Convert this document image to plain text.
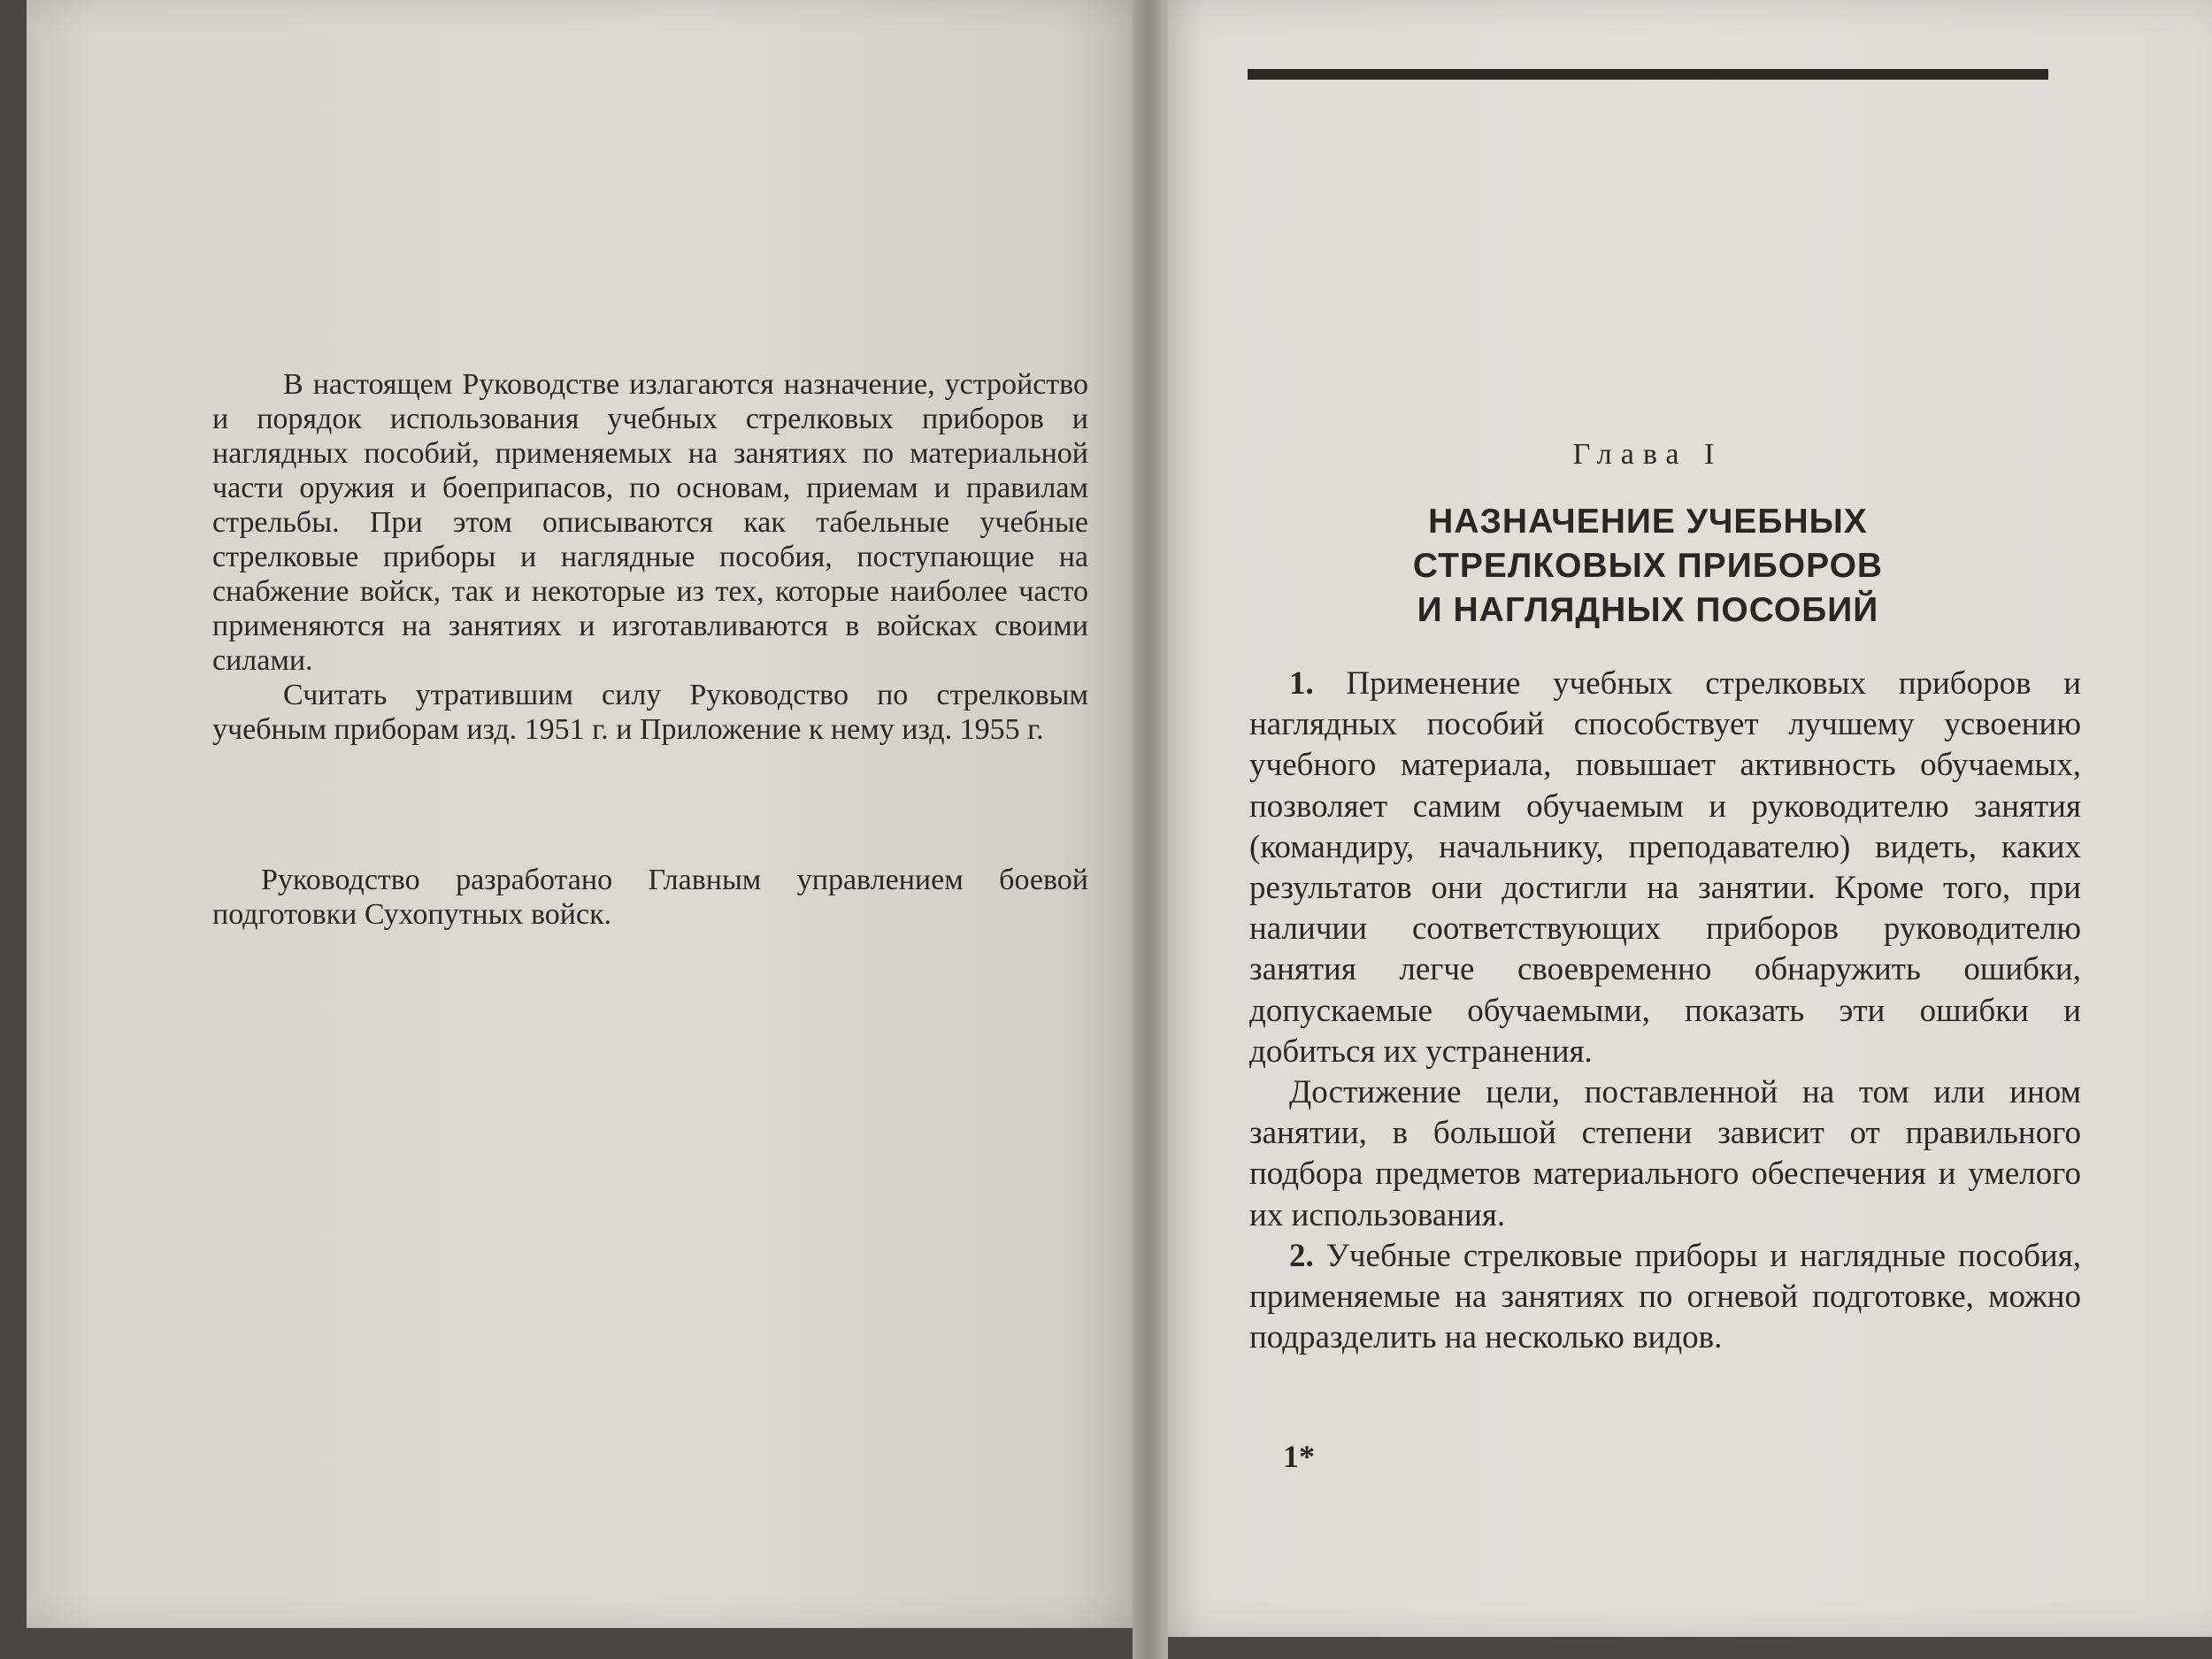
В настоящем Руководстве излагаются назначение, устройство и порядок использования учебных стрелковых приборов и наглядных пособий, применяемых на занятиях по материальной части оружия и боеприпасов, по основам, приемам и правилам стрельбы. При этом описываются как табельные учебные стрелковые приборы и наглядные пособия, поступающие на снабжение войск, так и некоторые из тех, которые наиболее часто применяются на занятиях и изготавливаются в войсках своими силами.

Считать утратившим силу Руководство по стрелковым учебным приборам изд. 1951 г. и Приложение к нему изд. 1955 г.

Руководство разработано Главным управлением боевой подготовки Сухопутных войск.

Глава I
НАЗНАЧЕНИЕ УЧЕБНЫХ
СТРЕЛКОВЫХ ПРИБОРОВ
И НАГЛЯДНЫХ ПОСОБИЙ

1. Применение учебных стрелковых приборов и наглядных пособий способствует лучшему усвоению учебного материала, повышает активность обучаемых, позволяет самим обучаемым и руководителю занятия (командиру, начальнику, преподавателю) видеть, каких результатов они достигли на занятии. Кроме того, при наличии соответствующих приборов руководителю занятия легче своевременно обнаружить ошибки, допускаемые обучаемыми, показать эти ошибки и добиться их устранения.

Достижение цели, поставленной на том или ином занятии, в большой степени зависит от правильного подбора предметов материального обеспечения и умелого их использования.

2. Учебные стрелковые приборы и наглядные пособия, применяемые на занятиях по огневой подготовке, можно подразделить на несколько видов.

1*
